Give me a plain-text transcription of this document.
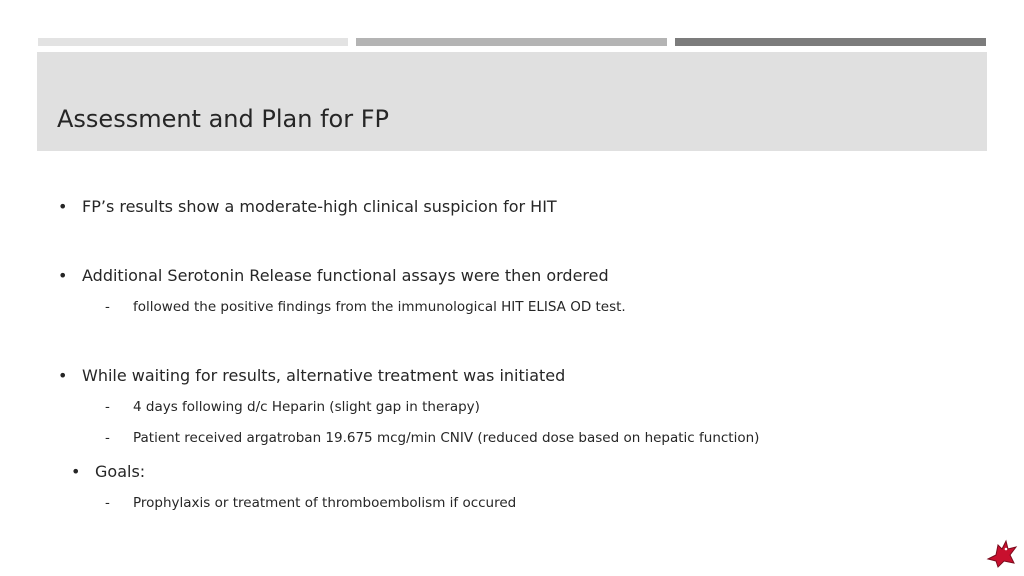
Assessment and Plan for FP
• FP’s results show a moderate-high clinical suspicion for HIT
• Additional Serotonin Release functional assays were then ordered
- followed the positive findings from the immunological HIT ELISA OD test.
• While waiting for results, alternative treatment was initiated
- 4 days following d/c Heparin (slight gap in therapy)
- Patient received argatroban 19.675 mcg/min CNIV (reduced dose based on hepatic function)
• Goals:
- Prophylaxis or treatment of thromboembolism if occured
